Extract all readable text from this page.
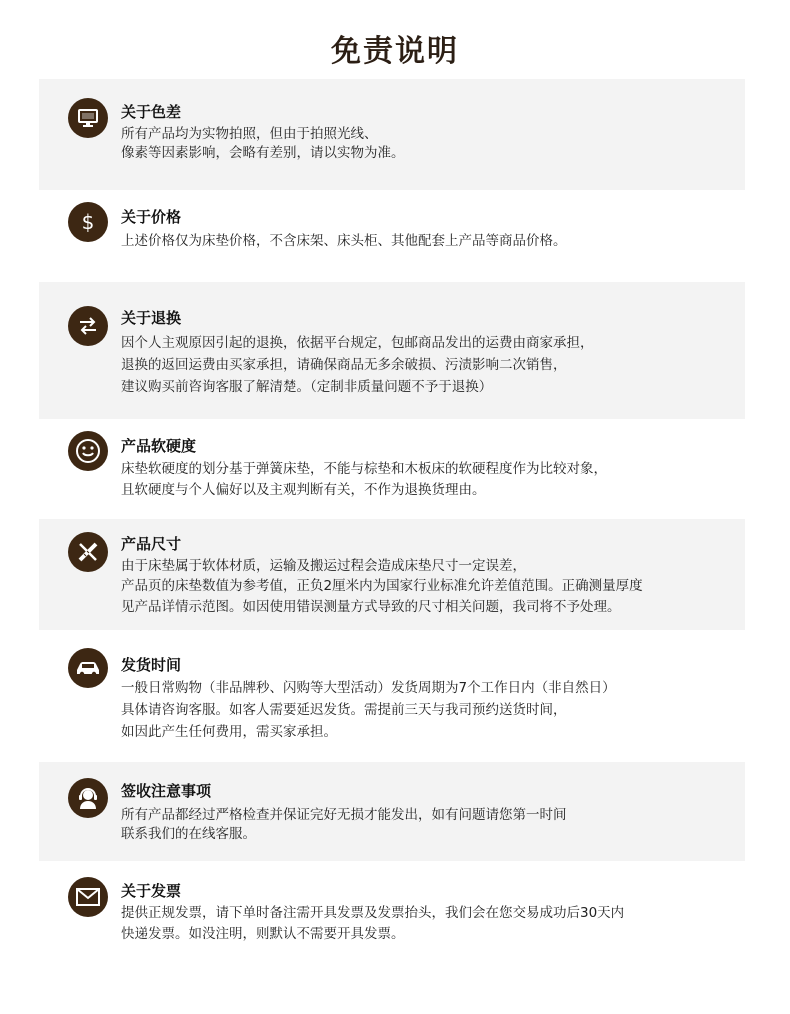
免责说明
关于色差
所有产品均为实物拍照，但由于拍照光线、
像素等因素影响，会略有差别，请以实物为准。
$ 关于价格
上述价格仅为床垫价格，不含床架、床头柜、其他配套上产品等商品价格。
关于退换
因个人主观原因引起的退换，依据平台规定，包邮商品发出的运费由商家承担，
退换的返回运费由买家承担，请确保商品无多余破损、污渍影响二次销售，
建议购买前咨询客服了解清楚。（定制非质量问题不予于退换）
产品软硬度
床垫软硬度的划分基于弹簧床垫，不能与棕垫和木板床的软硬程度作为比较对象，
且软硬度与个人偏好以及主观判断有关，不作为退换货理由。
产品尺寸
由于床垫属于软体材质，运输及搬运过程会造成床垫尺寸一定误差，
产品页的床垫数值为参考值，正负2厘米内为国家行业标准允许差值范围。正确测量厚度
见产品详情示范图。如因使用错误测量方式导致的尺寸相关问题，我司将不予处理。
发货时间
一般日常购物（非品牌秒、闪购等大型活动）发货周期为7个工作日内（非自然日）
具体请咨询客服。如客人需要延迟发货。需提前三天与我司预约送货时间，
如因此产生任何费用，需买家承担。
签收注意事项
所有产品都经过严格检查并保证完好无损才能发出，如有问题请您第一时间
联系我们的在线客服。
关于发票
提供正规发票，请下单时备注需开具发票及发票抬头，我们会在您交易成功后30天内
快递发票。如没注明，则默认不需要开具发票。
